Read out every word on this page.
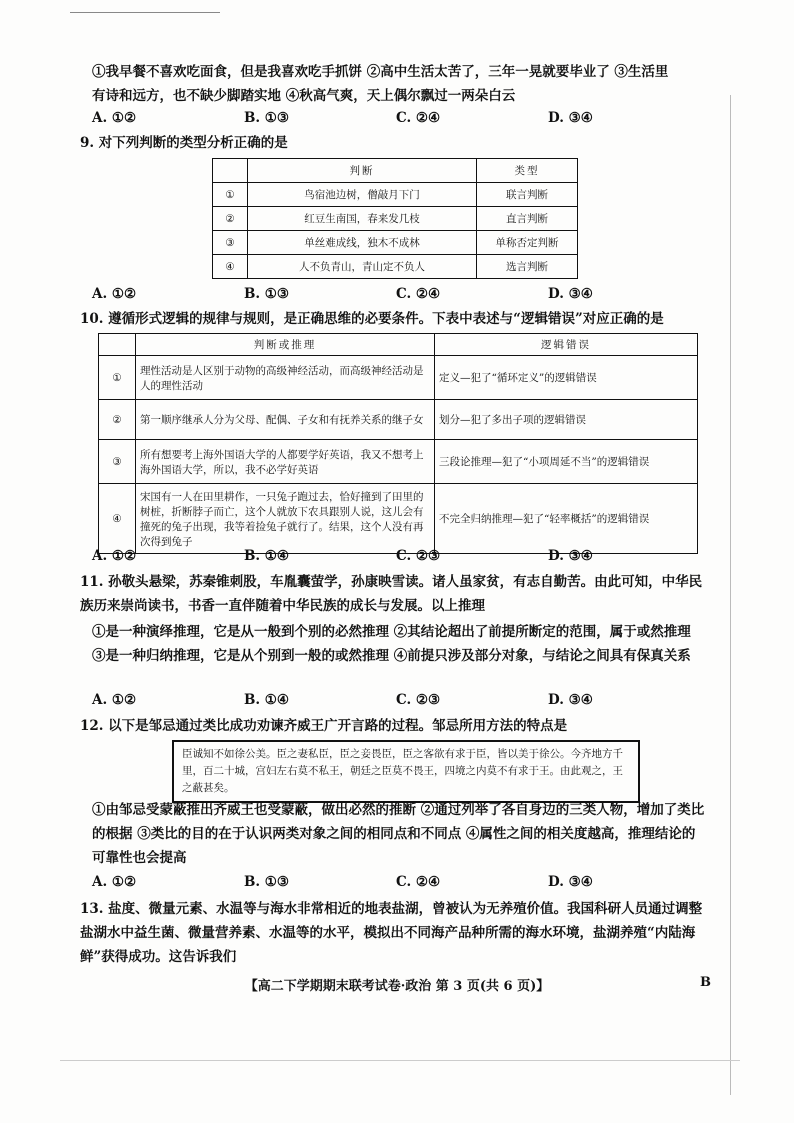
①我早餐不喜欢吃面食，但是我喜欢吃手抓饼 ②高中生活太苦了，三年一晃就要毕业了 ③生活里
有诗和远方，也不缺少脚踏实地 ④秋高气爽，天上偶尔飘过一两朵白云
A. ①②	B. ①③	C. ②④	D. ③④
9. 对下列判断的类型分析正确的是
	判断	类型
①	鸟宿池边树，僧敲月下门	联言判断
②	红豆生南国，春来发几枝	直言判断
③	单丝难成线，独木不成林	单称否定判断
④	人不负青山，青山定不负人	选言判断
A. ①②	B. ①③	C. ②④	D. ③④
10. 遵循形式逻辑的规律与规则，是正确思维的必要条件。下表中表述与“逻辑错误”对应正确的是
	判断或推理	逻辑错误
①	理性活动是人区别于动物的高级神经活动，而高级神经活动是人的理性活动	定义—犯了“循环定义”的逻辑错误
②	第一顺序继承人分为父母、配偶、子女和有抚养关系的继子女	划分—犯了多出子项的逻辑错误
③	所有想要考上海外国语大学的人都要学好英语，我又不想考上海外国语大学，所以，我不必学好英语	三段论推理—犯了“小项周延不当”的逻辑错误
④	宋国有一人在田里耕作，一只兔子跑过去，恰好撞到了田里的树桩，折断脖子而亡，这个人就放下农具跟别人说，这儿会有撞死的兔子出现，我等着捡兔子就行了。结果，这个人没有再次得到兔子	不完全归纳推理—犯了“轻率概括”的逻辑错误
A. ①②	B. ①④	C. ②③	D. ③④
11. 孙敬头悬梁，苏秦锥刺股，车胤囊萤学，孙康映雪读。诸人虽家贫，有志自勤苦。由此可知，中华民族历来崇尚读书，书香一直伴随着中华民族的成长与发展。以上推理
①是一种演绎推理，它是从一般到个别的必然推理 ②其结论超出了前提所断定的范围，属于或然推理 ③是一种归纳推理，它是从个别到一般的或然推理 ④前提只涉及部分对象，与结论之间具有保真关系
A. ①②	B. ①④	C. ②③	D. ③④
12. 以下是邹忌通过类比成功劝谏齐威王广开言路的过程。邹忌所用方法的特点是
臣诚知不如徐公美。臣之妻私臣，臣之妾畏臣，臣之客欲有求于臣，皆以美于徐公。今齐地方千里，百二十城，宫妇左右莫不私王，朝廷之臣莫不畏王，四境之内莫不有求于王。由此观之，王之蔽甚矣。
①由邹忌受蒙蔽推出齐威王也受蒙蔽，做出必然的推断 ②通过列举了各自身边的三类人物，增加了类比的根据 ③类比的目的在于认识两类对象之间的相同点和不同点 ④属性之间的相关度越高，推理结论的可靠性也会提高
A. ①②	B. ①③	C. ②④	D. ③④
13. 盐度、微量元素、水温等与海水非常相近的地表盐湖，曾被认为无养殖价值。我国科研人员通过调整盐湖水中益生菌、微量营养素、水温等的水平，模拟出不同海产品种所需的海水环境，盐湖养殖“内陆海鲜”获得成功。这告诉我们
【高二下学期期末联考试卷·政治 第 3 页(共 6 页)】	B
